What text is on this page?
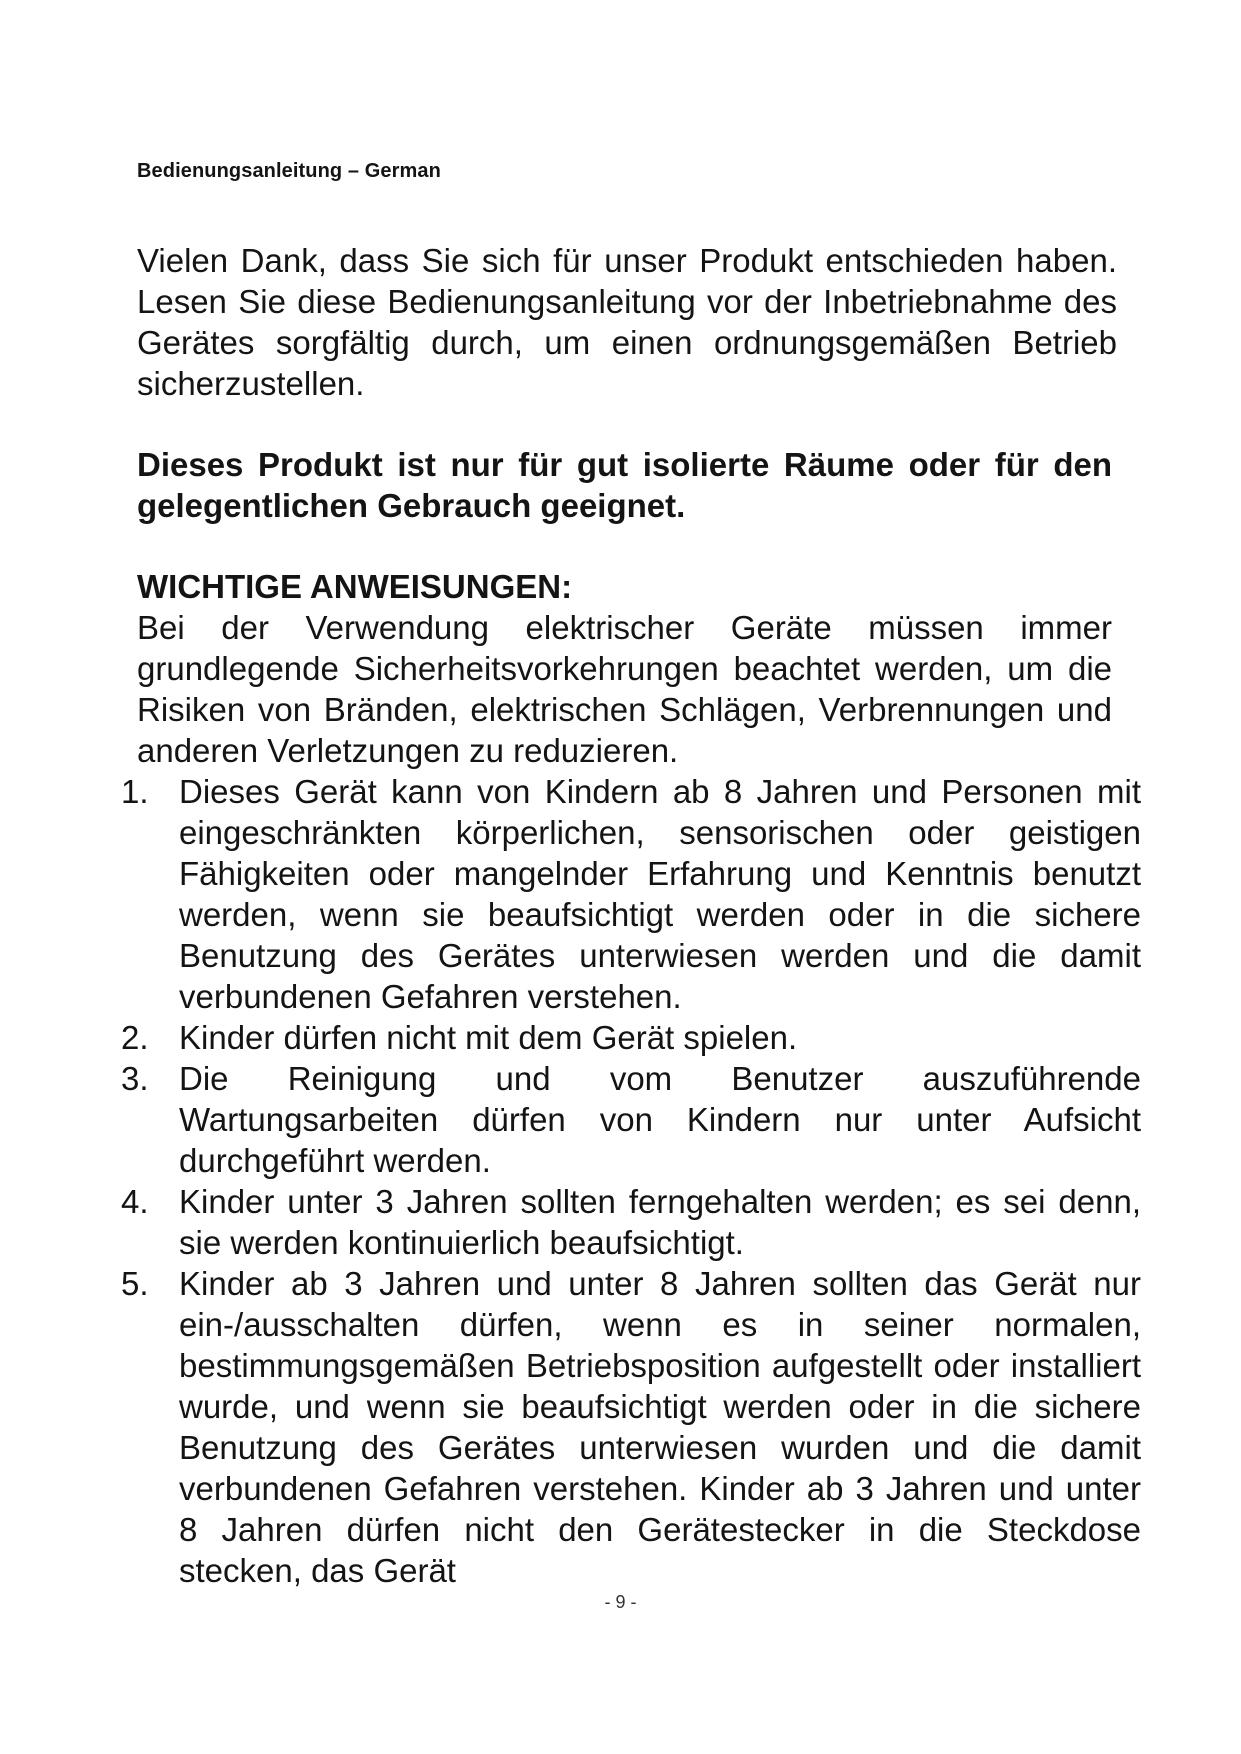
Bedienungsanleitung – German

Vielen Dank, dass Sie sich für unser Produkt entschieden haben. Lesen Sie diese Bedienungsanleitung vor der Inbetriebnahme des Gerätes sorgfältig durch, um einen ordnungsgemäßen Betrieb sicherzustellen.

Dieses Produkt ist nur für gut isolierte Räume oder für den gelegentlichen Gebrauch geeignet.

WICHTIGE ANWEISUNGEN:

Bei der Verwendung elektrischer Geräte müssen immer grundlegende Sicherheitsvorkehrungen beachtet werden, um die Risiken von Bränden, elektrischen Schlägen, Verbrennungen und anderen Verletzungen zu reduzieren.

1. Dieses Gerät kann von Kindern ab 8 Jahren und Personen mit eingeschränkten körperlichen, sensorischen oder geistigen Fähigkeiten oder mangelnder Erfahrung und Kenntnis benutzt werden, wenn sie beaufsichtigt werden oder in die sichere Benutzung des Gerätes unterwiesen werden und die damit verbundenen Gefahren verstehen.
2. Kinder dürfen nicht mit dem Gerät spielen.
3. Die Reinigung und vom Benutzer auszuführende Wartungsarbeiten dürfen von Kindern nur unter Aufsicht durchgeführt werden.
4. Kinder unter 3 Jahren sollten ferngehalten werden; es sei denn, sie werden kontinuierlich beaufsichtigt.
5. Kinder ab 3 Jahren und unter 8 Jahren sollten das Gerät nur ein-/ausschalten dürfen, wenn es in seiner normalen, bestimmungsgemäßen Betriebsposition aufgestellt oder installiert wurde, und wenn sie beaufsichtigt werden oder in die sichere Benutzung des Gerätes unterwiesen wurden und die damit verbundenen Gefahren verstehen. Kinder ab 3 Jahren und unter 8 Jahren dürfen nicht den Gerätestecker in die Steckdose stecken, das Gerät
- 9 -
